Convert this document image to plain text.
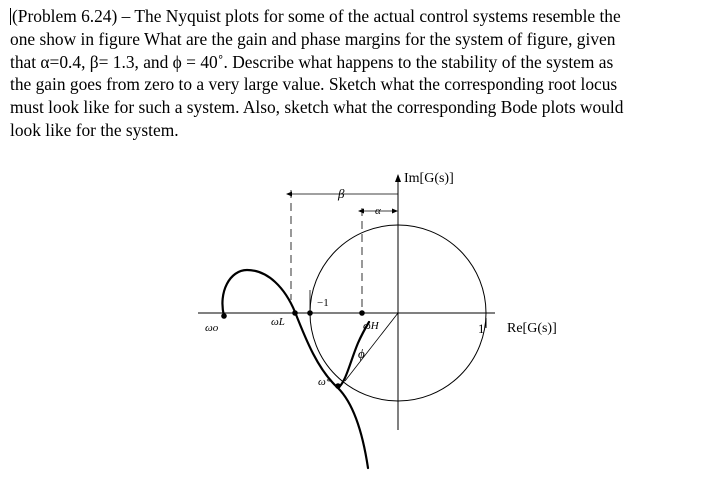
(Problem 6.24) – The Nyquist plots for some of the actual control systems resemble the
one show in figure What are the gain and phase margins for the system of figure, given
that α=0.4, β= 1.3, and ϕ = 40˚. Describe what happens to the stability of the system as
the gain goes from zero to a very large value. Sketch what the corresponding root locus
must look like for such a system. Also, sketch what the corresponding Bode plots would
look like for the system.
Im[G(s)]
Re[G(s)]
1
−1
β
α
ϕ
ωo	ωL	ωH
ω*
